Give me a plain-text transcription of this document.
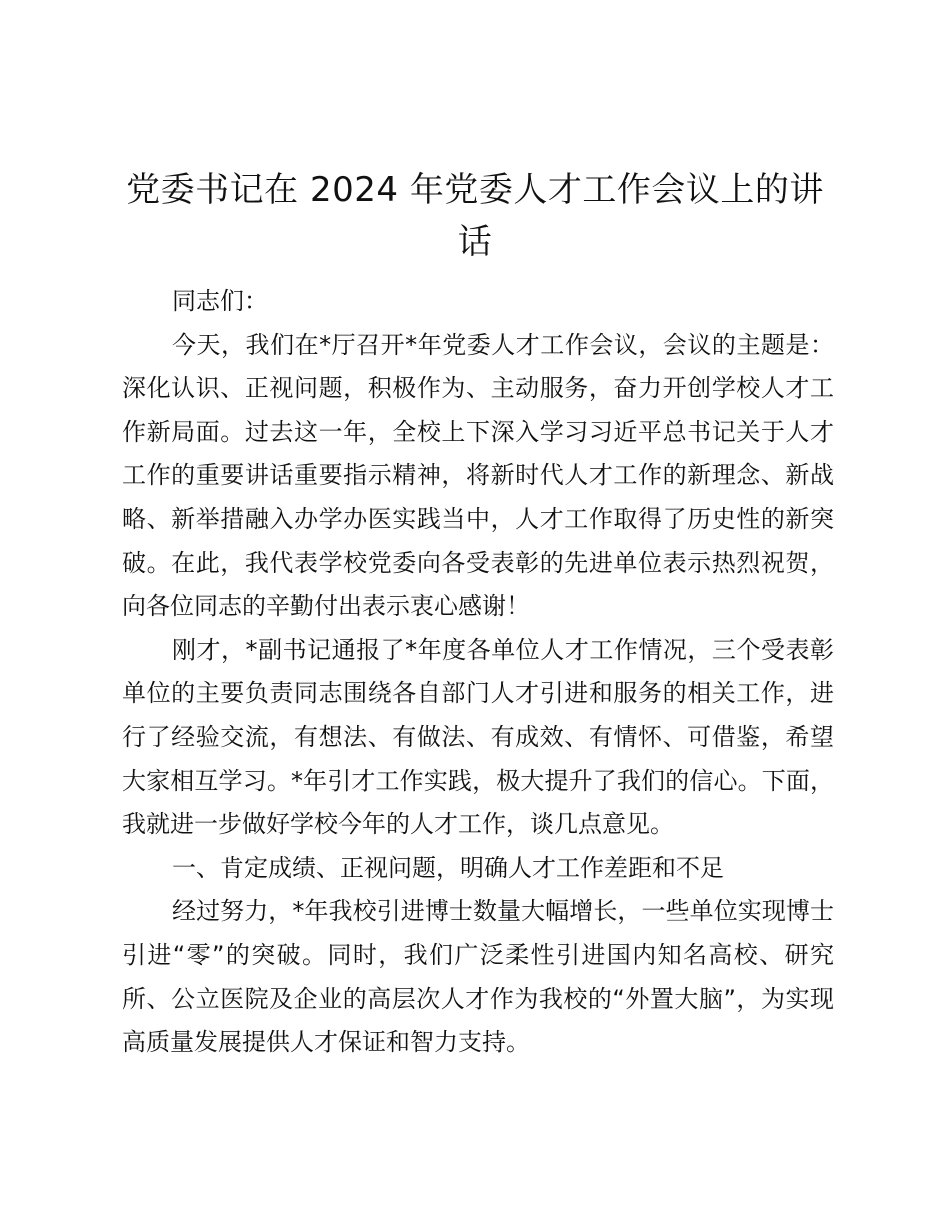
党委书记在 2024 年党委人才工作会议上的讲话

同志们：

今天，我们在*厅召开*年党委人才工作会议，会议的主题是：深化认识、正视问题，积极作为、主动服务，奋力开创学校人才工作新局面。过去这一年，全校上下深入学习习近平总书记关于人才工作的重要讲话重要指示精神，将新时代人才工作的新理念、新战略、新举措融入办学办医实践当中，人才工作取得了历史性的新突破。在此，我代表学校党委向各受表彰的先进单位表示热烈祝贺，向各位同志的辛勤付出表示衷心感谢！

刚才，*副书记通报了*年度各单位人才工作情况，三个受表彰单位的主要负责同志围绕各自部门人才引进和服务的相关工作，进行了经验交流，有想法、有做法、有成效、有情怀、可借鉴，希望大家相互学习。*年引才工作实践，极大提升了我们的信心。下面，我就进一步做好学校今年的人才工作，谈几点意见。

一、肯定成绩、正视问题，明确人才工作差距和不足

经过努力，*年我校引进博士数量大幅增长，一些单位实现博士引进“零”的突破。同时，我们广泛柔性引进国内知名高校、研究所、公立医院及企业的高层次人才作为我校的“外置大脑”，为实现高质量发展提供人才保证和智力支持。
